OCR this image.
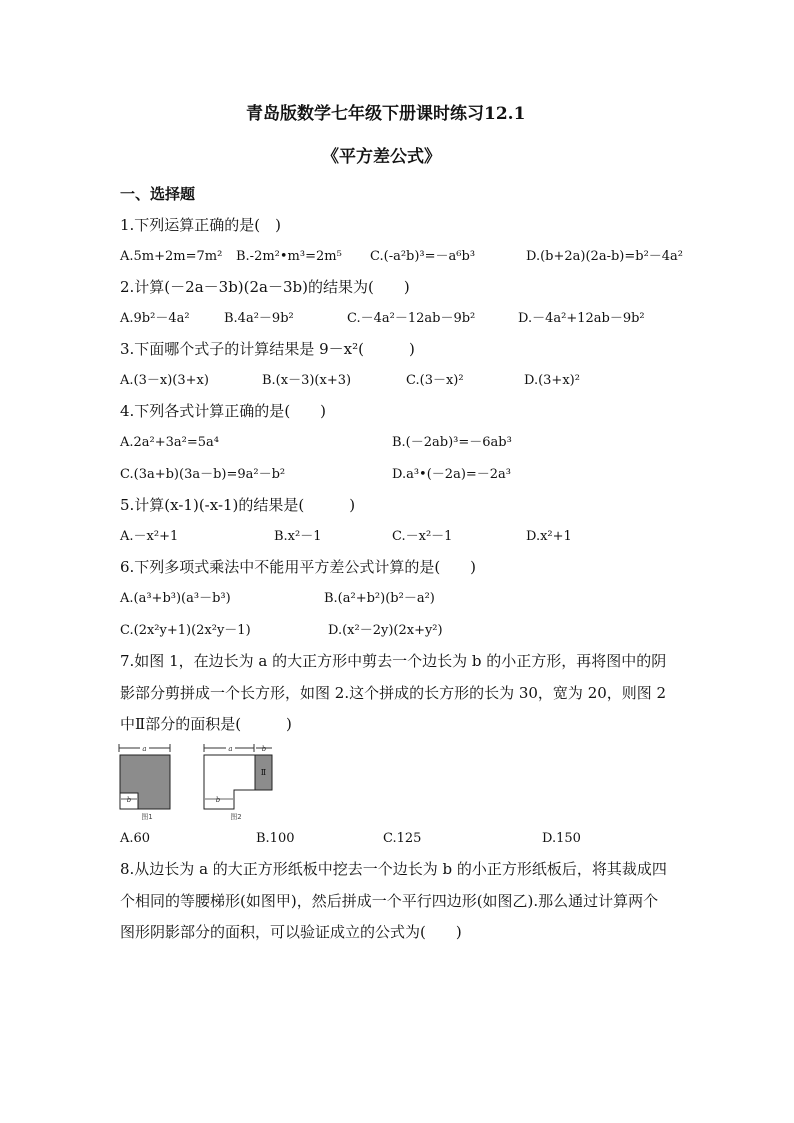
青岛版数学七年级下册课时练习12.1
《平方差公式》
一、选择题
1.下列运算正确的是(　)
A.5m+2m=7m² B.-2m²•m³=2m⁵ C.(-a²b)³=－a⁶b³	D.(b+2a)(2a-b)=b²－4a²
2.计算(－2a－3b)(2a－3b)的结果为(　　)
A.9b²－4a²	B.4a²－9b²	C.－4a²－12ab－9b²	D.－4a²+12ab－9b²
3.下面哪个式子的计算结果是 9－x²(　　　)
A.(3－x)(3+x)	B.(x－3)(x+3)	C.(3－x)²	D.(3+x)²
4.下列各式计算正确的是(　　)
A.2a²+3a²=5a⁴	B.(－2ab)³=－6ab³
C.(3a+b)(3a－b)=9a²－b²	D.a³•(－2a)=－2a³
5.计算(x-1)(-x-1)的结果是(　　　)
A.－x²+1	B.x²－1	C.－x²－1	D.x²+1
6.下列多项式乘法中不能用平方差公式计算的是(　　)
A.(a³+b³)(a³－b³)	B.(a²+b²)(b²－a²)
C.(2x²y+1)(2x²y－1)	D.(x²－2y)(2x+y²)
7.如图 1，在边长为 a 的大正方形中剪去一个边长为 b 的小正方形，再将图中的阴
影部分剪拼成一个长方形，如图 2.这个拼成的长方形的长为 30，宽为 20，则图 2
中Ⅱ部分的面积是(　　　)
a
b
图1
a	b
Ⅱ
b
图2
A.60	B.100	C.125	D.150
8.从边长为 a 的大正方形纸板中挖去一个边长为 b 的小正方形纸板后，将其裁成四
个相同的等腰梯形(如图甲)，然后拼成一个平行四边形(如图乙).那么通过计算两个
图形阴影部分的面积，可以验证成立的公式为(　　)
